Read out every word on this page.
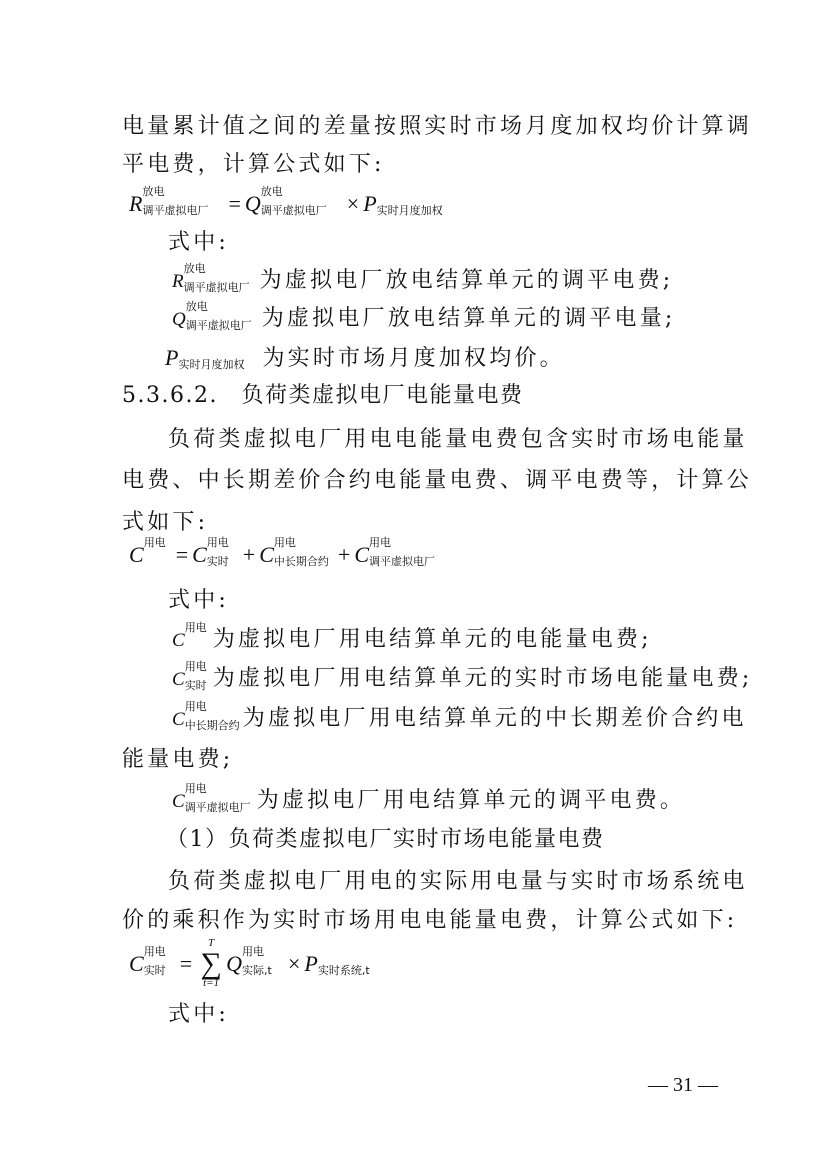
电量累计值之间的差量按照实时市场月度加权均价计算调
平电费，计算公式如下:
R 放电
调平虚拟电厂 = Q 放电
调平虚拟电厂 × P 实时月度加权
式中:
R
放电
调平虚拟电厂 为虚拟电厂放电结算单元的调平电费;
Q
放电
调平虚拟电厂 为虚拟电厂放电结算单元的调平电量;
P 实时月度加权 为实时市场月度加权均价。
5.3.6.2.　负荷类虚拟电厂电能量电费
负荷类虚拟电厂用电电能量电费包含实时市场电能量
电费、中长期差价合约电能量电费、调平电费等，计算公
式如下:
C 用电 = C 用电
实时 + C 用电
中长期合约 + C 用电
调平虚拟电厂
式中:
C
用电 为虚拟电厂用电结算单元的电能量电费;
C
用电
实时 为虚拟电厂用电结算单元的实时市场电能量电费;
C
用电
中长期合约 为虚拟电厂用电结算单元的中长期差价合约电
能量电费;
C
用电
调平虚拟电厂 为虚拟电厂用电结算单元的调平电费。
（1）负荷类虚拟电厂实时市场电能量电费
负荷类虚拟电厂用电的实际用电量与实时市场系统电
价的乘积作为实时市场用电电能量电费，计算公式如下:
C 用电
实时 =
T
∑
t=1
Q 用电
实际,t × P 实时系统,t
式中:
— 31 —
